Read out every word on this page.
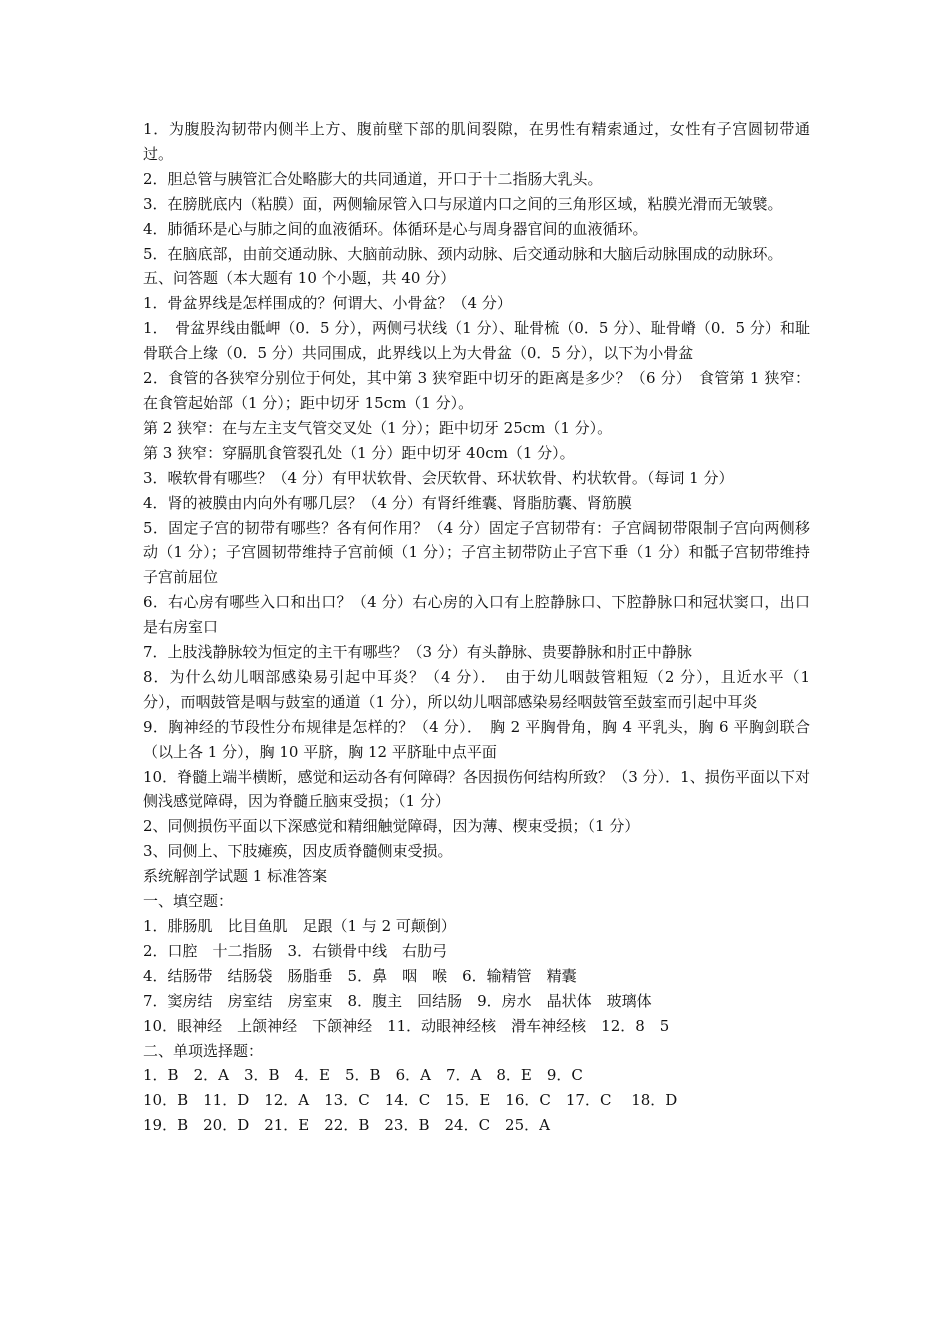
1．为腹股沟韧带内侧半上方、腹前壁下部的肌间裂隙，在男性有精索通过，女性有子宫圆韧带通过。

2．胆总管与胰管汇合处略膨大的共同通道，开口于十二指肠大乳头。

3．在膀胱底内（粘膜）面，两侧输尿管入口与尿道内口之间的三角形区域，粘膜光滑而无皱襞。

4．肺循环是心与肺之间的血液循环。体循环是心与周身器官间的血液循环。

5．在脑底部，由前交通动脉、大脑前动脉、颈内动脉、后交通动脉和大脑后动脉围成的动脉环。

五、问答题（本大题有 10 个小题，共 40 分）

1．骨盆界线是怎样围成的？何谓大、小骨盆？（4 分）

1．　骨盆界线由骶岬（0．5 分），两侧弓状线（1 分）、耻骨梳（0．5 分）、耻骨嵴（0．5 分）和耻骨联合上缘（0．5 分）共同围成，此界线以上为大骨盆（0．5 分），以下为小骨盆

2．食管的各狭窄分别位于何处，其中第 3 狭窄距中切牙的距离是多少？（6 分）　食管第 1 狭窄：在食管起始部（1 分）；距中切牙 15cm（1 分）。

第 2 狭窄：在与左主支气管交叉处（1 分）；距中切牙 25cm（1 分）。

第 3 狭窄：穿膈肌食管裂孔处（1 分）距中切牙 40cm（1 分）。

3．喉软骨有哪些？（4 分）有甲状软骨、会厌软骨、环状软骨、杓状软骨。（每词 1 分）

4．肾的被膜由内向外有哪几层？（4 分）有肾纤维囊、肾脂肪囊、肾筋膜

5．固定子宫的韧带有哪些？各有何作用？（4 分）固定子宫韧带有：子宫阔韧带限制子宫向两侧移动（1 分）；子宫圆韧带维持子宫前倾（1 分）；子宫主韧带防止子宫下垂（1 分）和骶子宫韧带维持子宫前屈位

6．右心房有哪些入口和出口？（4 分）右心房的入口有上腔静脉口、下腔静脉口和冠状窦口，出口是右房室口

7．上肢浅静脉较为恒定的主干有哪些？（3 分）有头静脉、贵要静脉和肘正中静脉

8．为什么幼儿咽部感染易引起中耳炎？（4 分）．　由于幼儿咽鼓管粗短（2 分），且近水平（1 分），而咽鼓管是咽与鼓室的通道（1 分），所以幼儿咽部感染易经咽鼓管至鼓室而引起中耳炎

9．胸神经的节段性分布规律是怎样的？（4 分）．　胸 2 平胸骨角，胸 4 平乳头，胸 6 平胸剑联合（以上各 1 分），胸 10 平脐，胸 12 平脐耻中点平面

10．脊髓上端半横断，感觉和运动各有何障碍？各因损伤何结构所致？（3 分）．1、损伤平面以下对侧浅感觉障碍，因为脊髓丘脑束受损；（1 分）

2、同侧损伤平面以下深感觉和精细触觉障碍，因为薄、楔束受损；（1 分）

3、同侧上、下肢瘫痪，因皮质脊髓侧束受损。

系统解剖学试题 1 标准答案

一、填空题：

1．腓肠肌　比目鱼肌　足跟（1 与 2 可颠倒）

2．口腔　十二指肠　3．右锁骨中线　右肋弓

4．结肠带　结肠袋　肠脂垂　5．鼻　咽　喉　6．输精管　精囊

7．窦房结　房室结　房室束　8．腹主　回结肠　9．房水　晶状体　玻璃体

10．眼神经　上颌神经　下颌神经　11．动眼神经核　滑车神经核　12．8　5

二、单项选择题：

1．B　2．A　3．B　4．E　5．B　6．A　7．A　8．E　9．C

10．B　11．D　12．A　13．C　14．C　15．E　16．C　17．C　 18．D

19．B　20．D　21．E　22．B　23．B　24．C　25．A
